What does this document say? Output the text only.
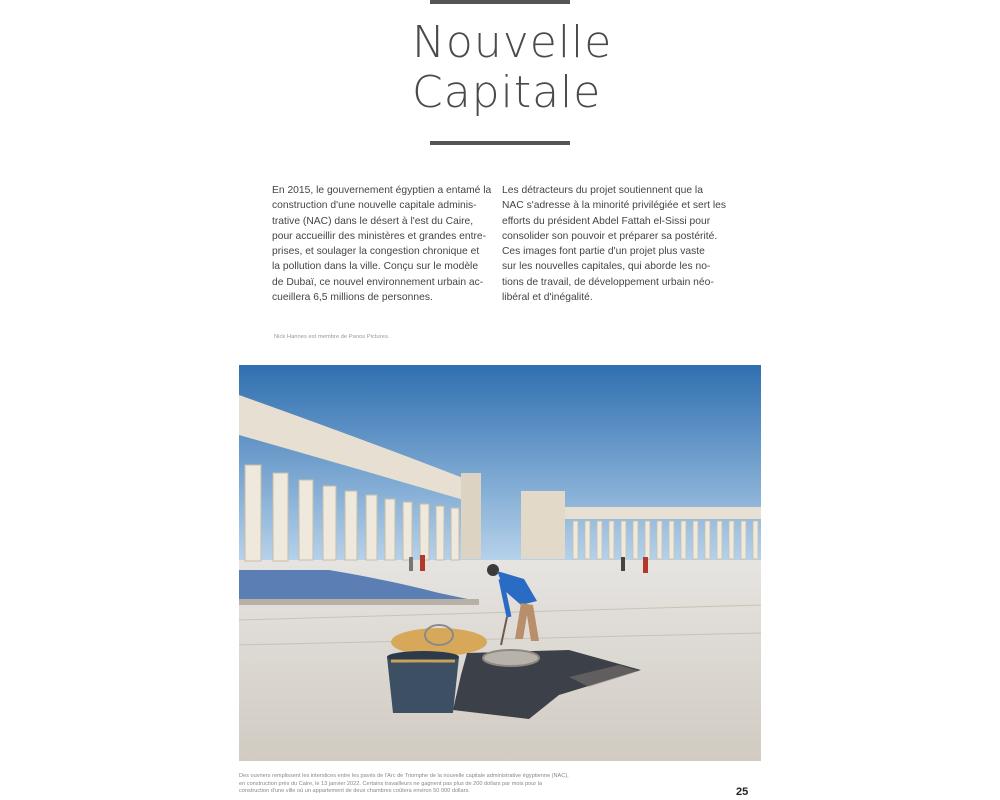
Nouvelle
Capitale
En 2015, le gouvernement égyptien a entamé la
construction d'une nouvelle capitale adminis-
trative (NAC) dans le désert à l'est du Caire,
pour accueillir des ministères et grandes entre-
prises, et soulager la congestion chronique et
la pollution dans la ville. Conçu sur le modèle
de Dubaï, ce nouvel environnement urbain ac-
cueillera 6,5 millions de personnes.
Les détracteurs du projet soutiennent que la
NAC s'adresse à la minorité privilégiée et sert les
efforts du président Abdel Fattah el-Sissi pour
consolider son pouvoir et préparer sa postérité.
Ces images font partie d'un projet plus vaste
sur les nouvelles capitales, qui aborde les no-
tions de travail, de développement urbain néo-
libéral et d'inégalité.
Nick Hannes est membre de Panos Pictures.
Des ouvriers remplissent les interstices entre les pavés de l'Arc de Triomphe de la nouvelle capitale administrative égyptienne (NAC), en construction près du Caire, le 13 janvier 2022. Certains travailleurs ne gagnent pas plus de 200 dollars par mois pour la construction d'une ville où un appartement de deux chambres coûtera environ 50 000 dollars.	25
